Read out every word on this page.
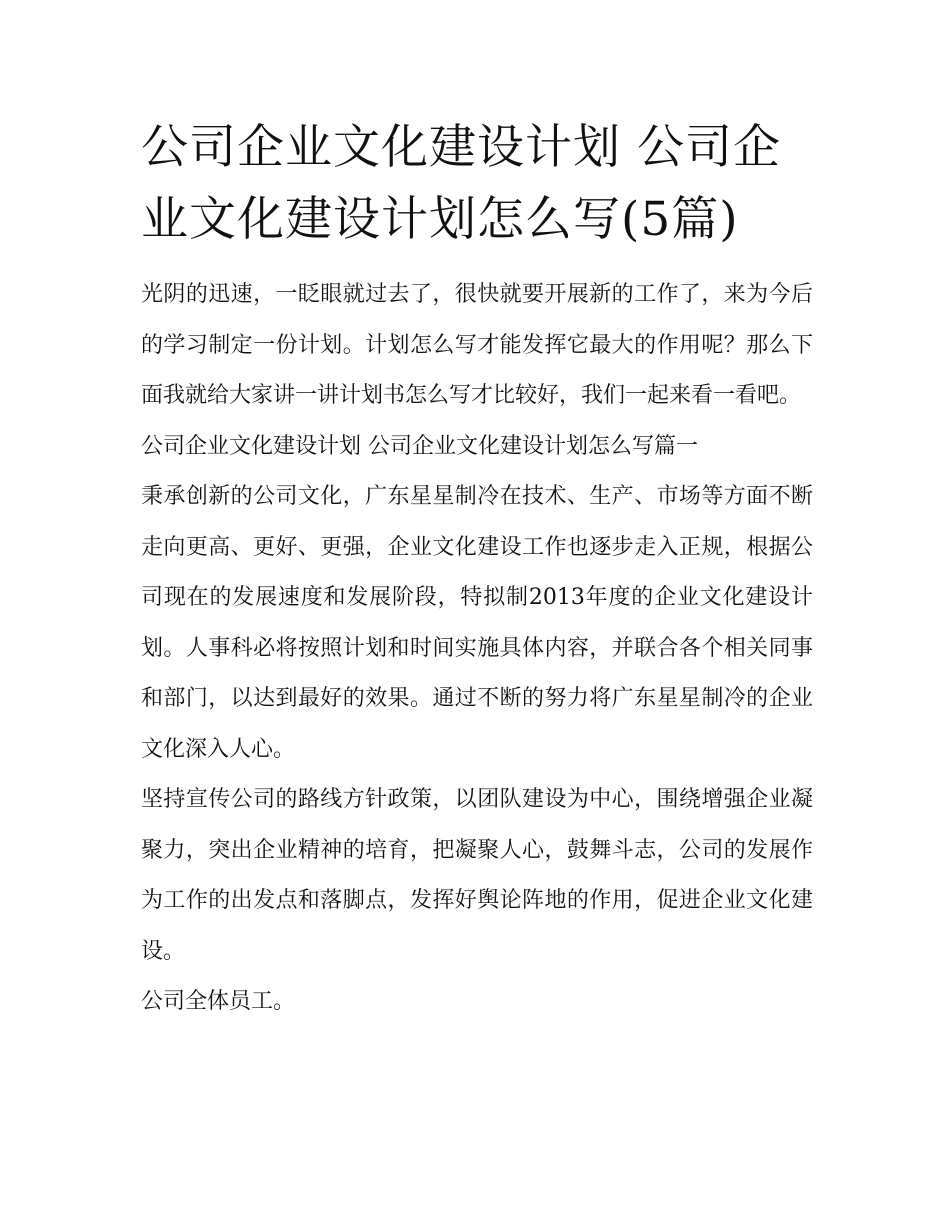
公司企业文化建设计划 公司企业文化建设计划怎么写(5篇)

光阴的迅速，一眨眼就过去了，很快就要开展新的工作了，来为今后的学习制定一份计划。计划怎么写才能发挥它最大的作用呢？那么下面我就给大家讲一讲计划书怎么写才比较好，我们一起来看一看吧。

公司企业文化建设计划 公司企业文化建设计划怎么写篇一

秉承创新的公司文化，广东星星制冷在技术、生产、市场等方面不断走向更高、更好、更强，企业文化建设工作也逐步走入正规，根据公司现在的发展速度和发展阶段，特拟制2013年度的企业文化建设计划。人事科必将按照计划和时间实施具体内容，并联合各个相关同事和部门，以达到最好的效果。通过不断的努力将广东星星制冷的企业文化深入人心。

坚持宣传公司的路线方针政策，以团队建设为中心，围绕增强企业凝聚力，突出企业精神的培育，把凝聚人心，鼓舞斗志，公司的发展作为工作的出发点和落脚点，发挥好舆论阵地的作用，促进企业文化建设。

公司全体员工。
